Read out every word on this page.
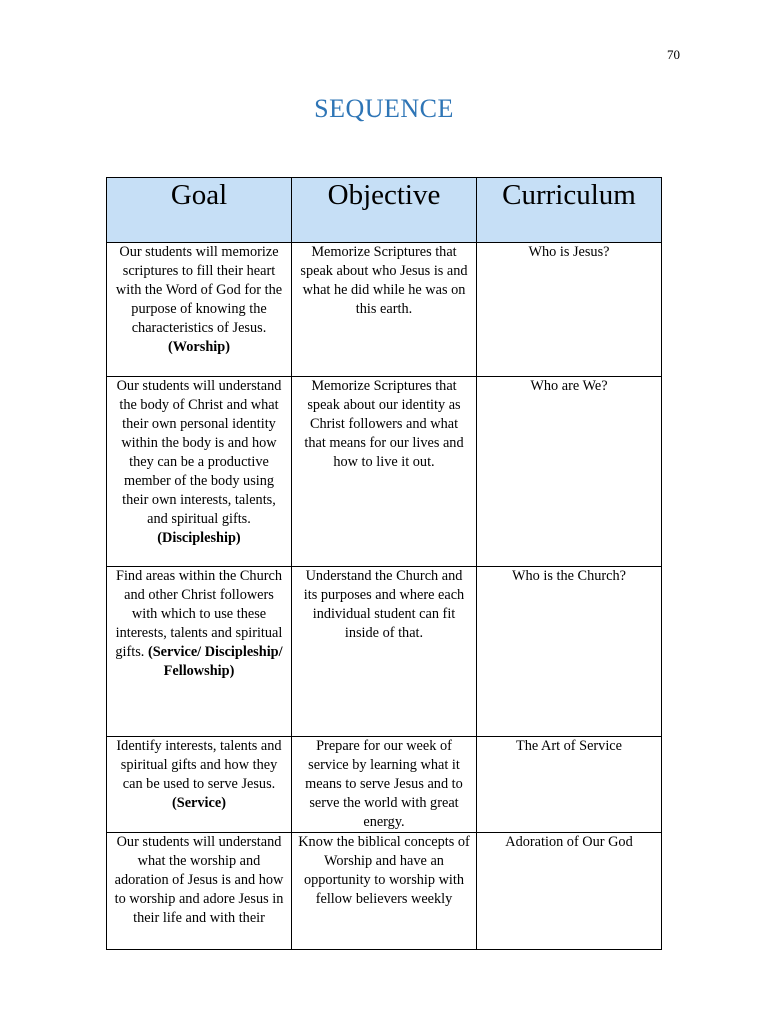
70
SEQUENCE
Goal	Objective	Curriculum
Our students will memorize scriptures to fill their heart with the Word of God for the purpose of knowing the characteristics of Jesus. (Worship)	Memorize Scriptures that speak about who Jesus is and what he did while he was on this earth.	Who is Jesus?
Our students will understand the body of Christ and what their own personal identity within the body is and how they can be a productive member of the body using their own interests, talents, and spiritual gifts. (Discipleship)	Memorize Scriptures that speak about our identity as Christ followers and what that means for our lives and how to live it out.	Who are We?
Find areas within the Church and other Christ followers with which to use these interests, talents and spiritual gifts. (Service/ Discipleship/ Fellowship)	Understand the Church and its purposes and where each individual student can fit inside of that.	Who is the Church?
Identify interests, talents and spiritual gifts and how they can be used to serve Jesus. (Service)	Prepare for our week of service by learning what it means to serve Jesus and to serve the world with great energy.	The Art of Service

Our students will understand what the worship and adoration of Jesus is and how to worship and adore Jesus in their life and with their	Know the biblical concepts of Worship and have an opportunity to worship with fellow believers weekly	Adoration of Our God
